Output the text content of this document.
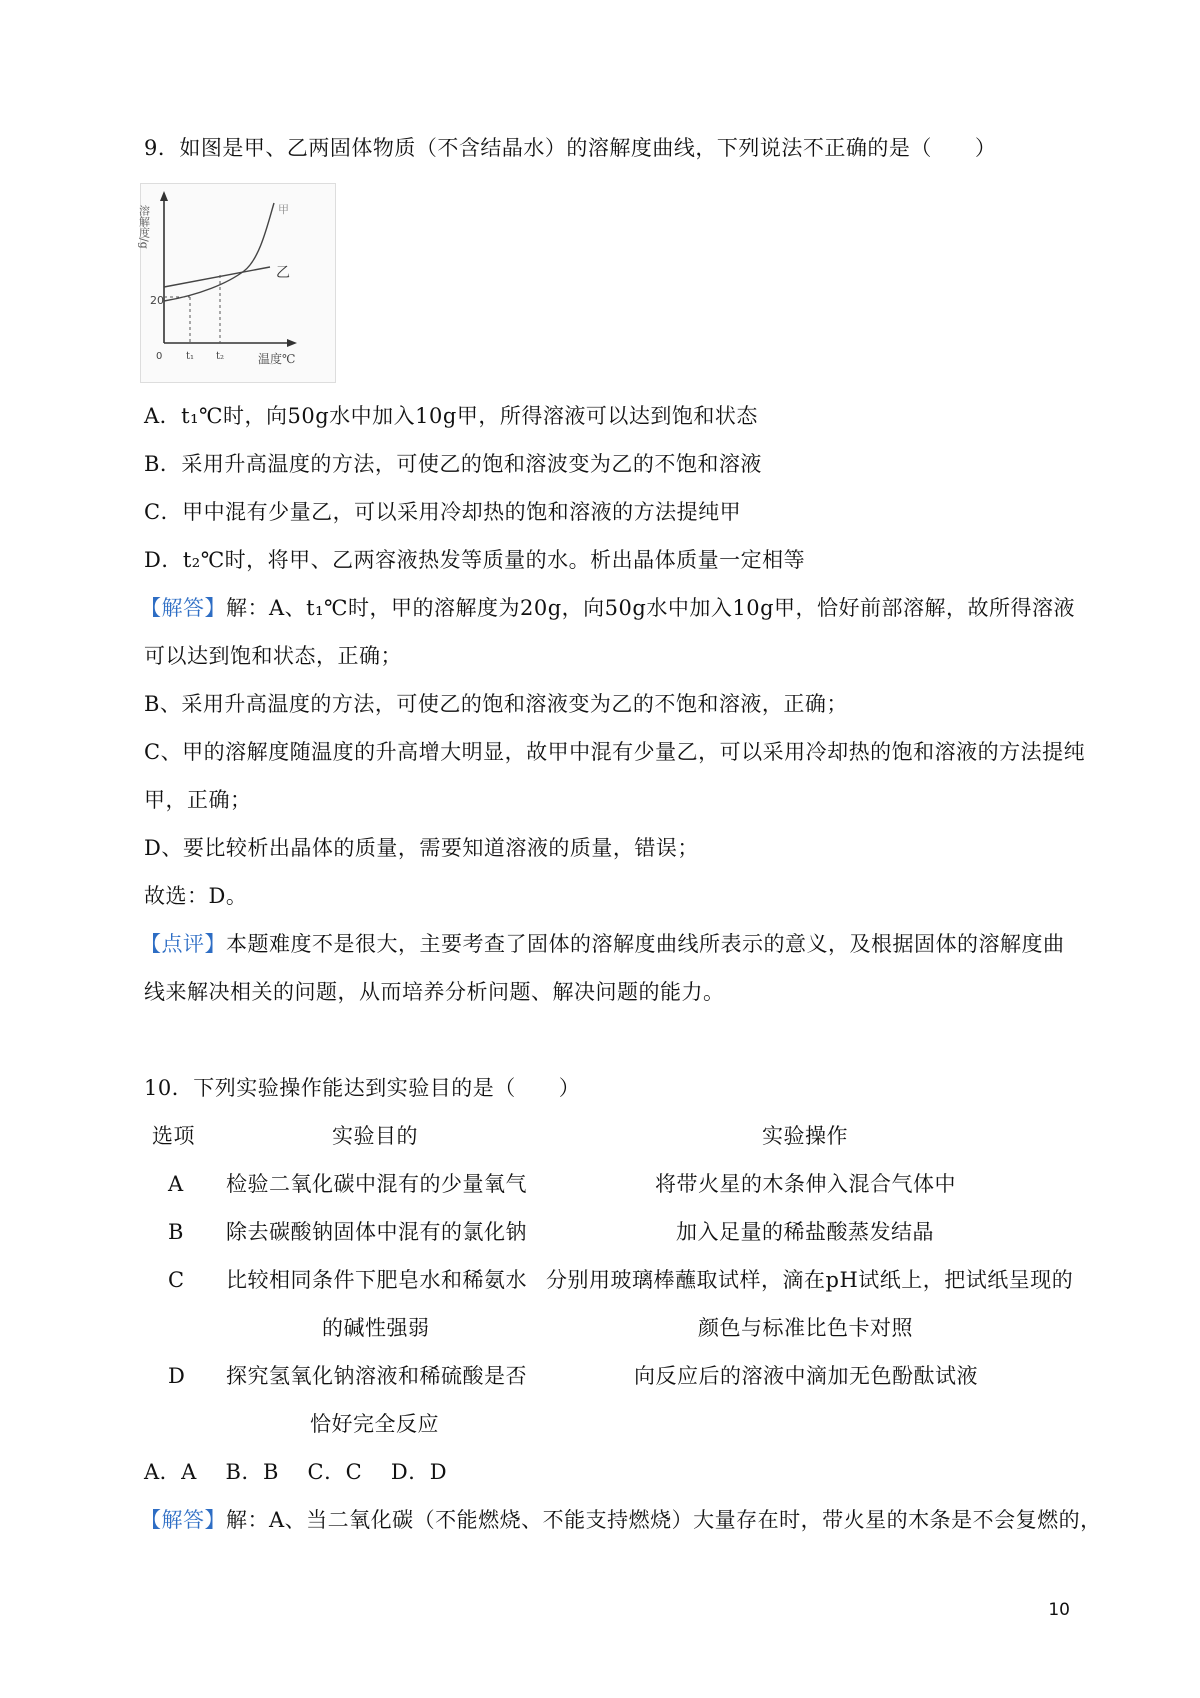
9．如图是甲、乙两固体物质（不含结晶水）的溶解度曲线，下列说法不正确的是（　　）
溶解度/g
20
0 t₁ t₂	温度℃
甲
乙
A．t₁℃时，向50g水中加入10g甲，所得溶液可以达到饱和状态
B．采用升高温度的方法，可使乙的饱和溶波变为乙的不饱和溶液
C．甲中混有少量乙，可以采用冷却热的饱和溶液的方法提纯甲
D．t₂℃时，将甲、乙两容液热发等质量的水。析出晶体质量一定相等
【解答】解：A、t₁℃时，甲的溶解度为20g，向50g水中加入10g甲，恰好前部溶解，故所得溶液
可以达到饱和状态，正确；
B、采用升高温度的方法，可使乙的饱和溶液变为乙的不饱和溶液，正确；
C、甲的溶解度随温度的升高增大明显，故甲中混有少量乙，可以采用冷却热的饱和溶液的方法提纯
甲，正确；
D、要比较析出晶体的质量，需要知道溶液的质量，错误；
故选：D。
【点评】本题难度不是很大，主要考查了固体的溶解度曲线所表示的意义，及根据固体的溶解度曲
线来解决相关的问题，从而培养分析问题、解决问题的能力。
10．下列实验操作能达到实验目的是（　　）
选项	实验目的	实验操作
A 检验二氧化碳中混有的少量氧气	将带火星的木条伸入混合气体中
B 除去碳酸钠固体中混有的氯化钠	加入足量的稀盐酸蒸发结晶
C 比较相同条件下肥皂水和稀氨水 分别用玻璃棒蘸取试样，滴在pH试纸上，把试纸呈现的
的碱性强弱	颜色与标准比色卡对照
D 探究氢氧化钠溶液和稀硫酸是否	向反应后的溶液中滴加无色酚酞试液
恰好完全反应
A．A　 B．B　 C．C　 D．D
【解答】解：A、当二氧化碳（不能燃烧、不能支持燃烧）大量存在时，带火星的木条是不会复燃的，
10
